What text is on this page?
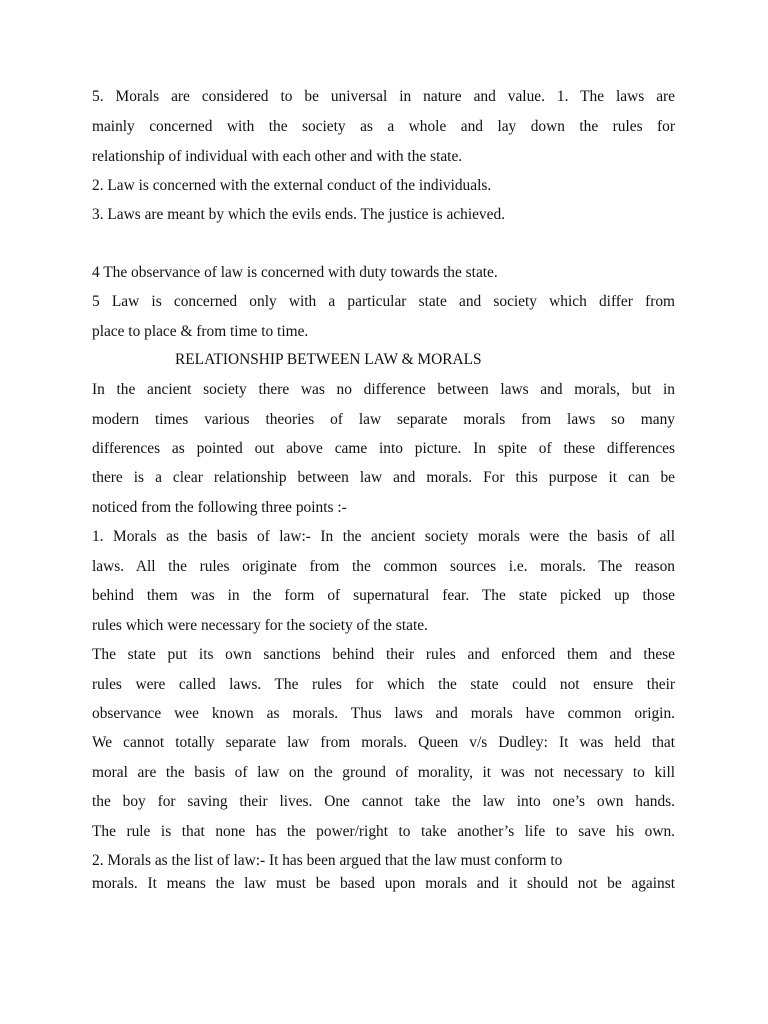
5. Morals are considered to be universal in nature and value. 1. The laws are
mainly concerned with the society as a whole and lay down the rules for
relationship of individual with each other and with the state.
2. Law is concerned with the external conduct of the individuals.
3. Laws are meant by which the evils ends. The justice is achieved.
4 The observance of law is concerned with duty towards the state.
5 Law is concerned only with a particular state and society which differ from
place to place & from time to time.
RELATIONSHIP BETWEEN LAW & MORALS
In the ancient society there was no difference between laws and morals, but in
modern times various theories of law separate morals from laws so many
differences as pointed out above came into picture. In spite of these differences
there is a clear relationship between law and morals. For this purpose it can be
noticed from the following three points :-
1. Morals as the basis of law:- In the ancient society morals were the basis of all
laws. All the rules originate from the common sources i.e. morals. The reason
behind them was in the form of supernatural fear. The state picked up those
rules which were necessary for the society of the state.
The state put its own sanctions behind their rules and enforced them and these
rules were called laws. The rules for which the state could not ensure their
observance wee known as morals. Thus laws and morals have common origin.
We cannot totally separate law from morals. Queen v/s Dudley: It was held that
moral are the basis of law on the ground of morality, it was not necessary to kill
the boy for saving their lives. One cannot take the law into one’s own hands.
The rule is that none has the power/right to take another’s life to save his own.
2. Morals as the list of law:- It has been argued that the law must conform to
morals. It means the law must be based upon morals and it should not be against
